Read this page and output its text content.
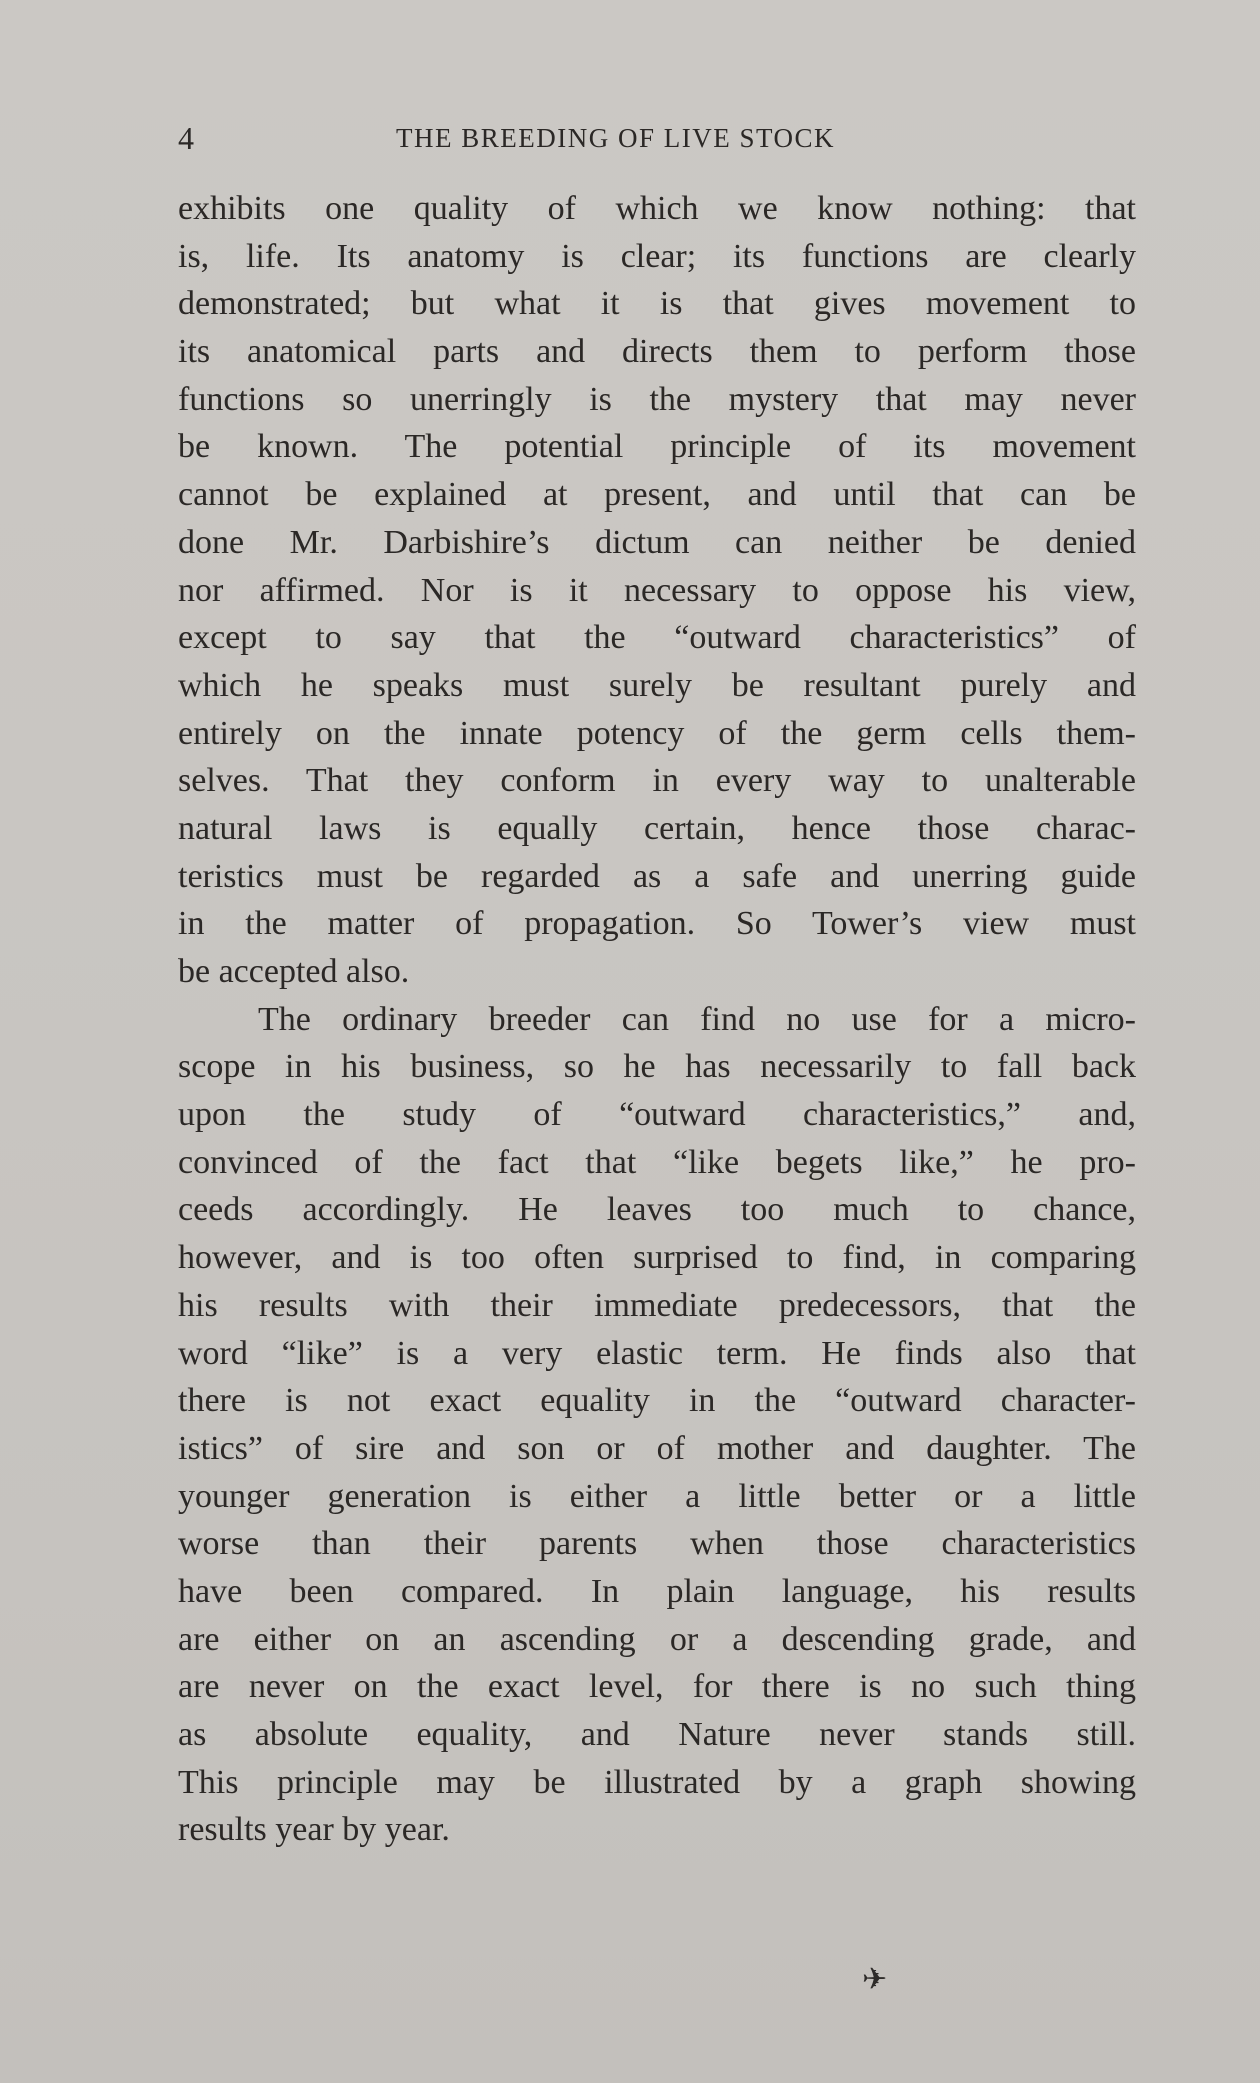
4	THE BREEDING OF LIVE STOCK
exhibits one quality of which we know nothing: that
is, life. Its anatomy is clear; its functions are clearly
demonstrated; but what it is that gives movement to
its anatomical parts and directs them to perform those
functions so unerringly is the mystery that may never
be known. The potential principle of its movement
cannot be explained at present, and until that can be
done Mr. Darbishire’s dictum can neither be denied
nor affirmed. Nor is it necessary to oppose his view,
except to say that the “outward characteristics” of
which he speaks must surely be resultant purely and
entirely on the innate potency of the germ cells them-
selves. That they conform in every way to unalterable
natural laws is equally certain, hence those charac-
teristics must be regarded as a safe and unerring guide
in the matter of propagation. So Tower’s view must
be accepted also.
The ordinary breeder can find no use for a micro-
scope in his business, so he has necessarily to fall back
upon the study of “outward characteristics,” and,
convinced of the fact that “like begets like,” he pro-
ceeds accordingly. He leaves too much to chance,
however, and is too often surprised to find, in comparing
his results with their immediate predecessors, that the
word “like” is a very elastic term. He finds also that
there is not exact equality in the “outward character-
istics” of sire and son or of mother and daughter. The
younger generation is either a little better or a little
worse than their parents when those characteristics
have been compared. In plain language, his results
are either on an ascending or a descending grade, and
are never on the exact level, for there is no such thing
as absolute equality, and Nature never stands still.
This principle may be illustrated by a graph showing
results year by year.
✈
